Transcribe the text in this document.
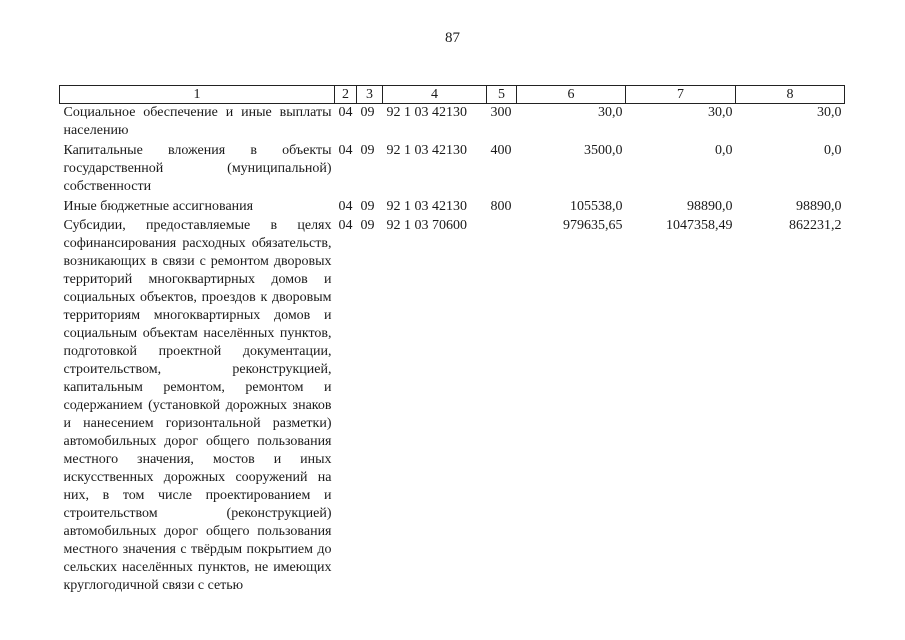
87
1	2	3	4	5	6	7	8
Социальное обеспечение и иные выплаты населению	04	09	92 1 03 42130	300	30,0	30,0	30,0
Капитальные вложения в объекты государственной (муниципальной) собственности	04	09	92 1 03 42130	400	3500,0	0,0	0,0
Иные бюджетные ассигнования	04	09	92 1 03 42130	800	105538,0	98890,0	98890,0
Субсидии, предоставляемые в целях софинансирования расходных обязательств, возникающих в связи с ремонтом дворовых территорий многоквартирных домов и социальных объектов, проездов к дворовым территориям многоквартирных домов и социальным объектам населённых пунктов, подготовкой проектной документации, строительством, реконструкцией, капитальным ремонтом, ремонтом и содержанием (установкой дорожных знаков и нанесением горизонтальной разметки) автомобильных дорог общего пользования местного значения, мостов и иных искусственных дорожных сооружений на них, в том числе проектированием и строительством (реконструкцией) автомобильных дорог общего пользования местного значения с твёрдым покрытием до сельских населённых пунктов, не имеющих круглогодичной связи с сетью	04	09	92 1 03 70600		979635,65	1047358,49	862231,2
